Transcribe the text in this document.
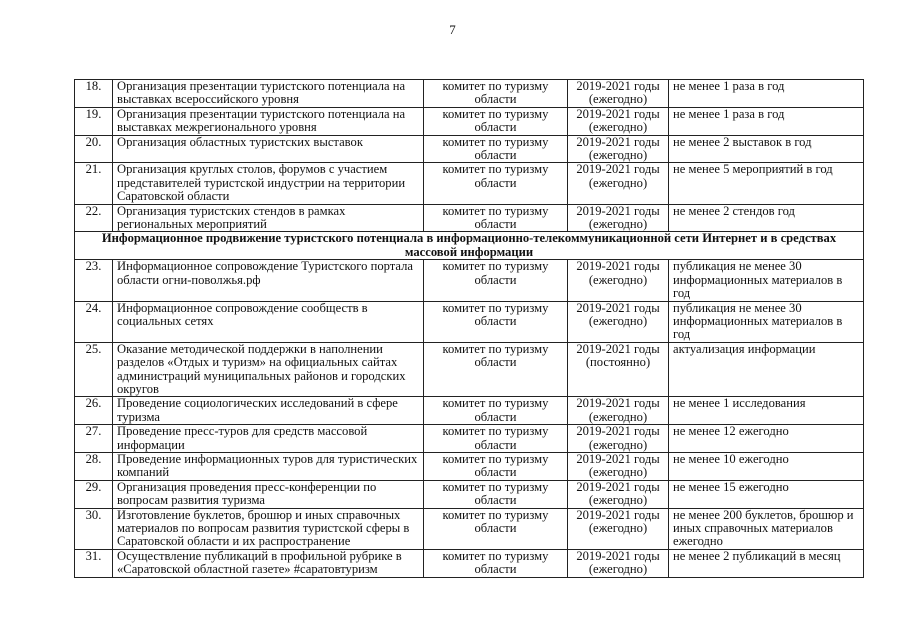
7
18.	Организация презентации туристского потенциала на выставках всероссийского уровня	комитет по туризму области	2019-2021 годы (ежегодно)	не менее 1 раза в год
19.	Организация презентации туристского потенциала на выставках межрегионального уровня	комитет по туризму области	2019-2021 годы (ежегодно)	не менее 1 раза в год
20.	Организация областных туристских выставок	комитет по туризму области	2019-2021 годы (ежегодно)	не менее 2 выставок в год
21.	Организация круглых столов, форумов с участием представителей туристской индустрии на территории Саратовской области	комитет по туризму области	2019-2021 годы (ежегодно)	не менее 5 мероприятий в год
22.	Организация туристских стендов в рамках региональных мероприятий	комитет по туризму области	2019-2021 годы (ежегодно)	не менее 2 стендов год
Информационное продвижение туристского потенциала в информационно-телекоммуникационной сети Интернет и в средствах массовой информации				
23.	Информационное сопровождение Туристского портала области огни-поволжья.рф	комитет по туризму области	2019-2021 годы (ежегодно)	публикация не менее 30 информационных материалов в год
24.	Информационное сопровождение сообществ в социальных сетях	комитет по туризму области	2019-2021 годы (ежегодно)	публикация не менее 30 информационных материалов в год
25.	Оказание методической поддержки в наполнении разделов «Отдых и туризм» на официальных сайтах администраций муниципальных районов и городских округов	комитет по туризму области	2019-2021 годы (постоянно)	актуализация информации
26.	Проведение социологических исследований в сфере туризма	комитет по туризму области	2019-2021 годы (ежегодно)	не менее 1 исследования
27.	Проведение пресс-туров для средств массовой информации	комитет по туризму области	2019-2021 годы (ежегодно)	не менее 12 ежегодно
28.	Проведение информационных туров для туристических компаний	комитет по туризму области	2019-2021 годы (ежегодно)	не менее 10 ежегодно
29.	Организация проведения пресс-конференции по вопросам развития туризма	комитет по туризму области	2019-2021 годы (ежегодно)	не менее 15 ежегодно
30.	Изготовление буклетов, брошюр и иных справочных материалов по вопросам развития туристской сферы в Саратовской области и их распространение	комитет по туризму области	2019-2021 годы (ежегодно)	не менее 200 буклетов, брошюр и иных справочных материалов ежегодно
31.	Осуществление публикаций в профильной рубрике в «Саратовской областной газете» #саратовтуризм	комитет по туризму области	2019-2021 годы (ежегодно)	не менее 2 публикаций в месяц
